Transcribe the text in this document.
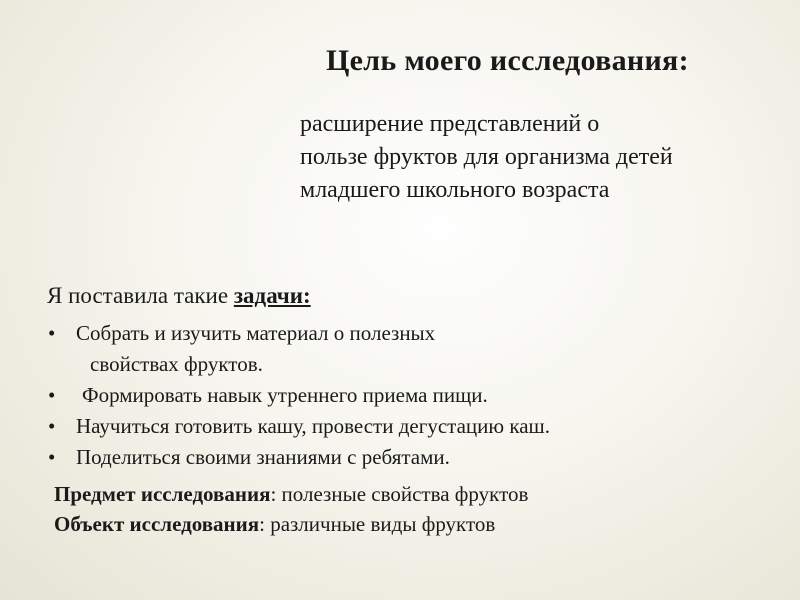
Цель моего исследования:

расширение представлений о
пользе фруктов для организма детей
младшего школьного возраста

Я поставила такие задачи:

• Собрать и изучить материал о полезных
свойствах фруктов.
• Формировать навык утреннего приема пищи.
• Научиться готовить кашу, провести дегустацию каш.
• Поделиться своими знаниями с ребятами.
Предмет исследования: полезные свойства фруктов
Объект исследования: различные виды фруктов
